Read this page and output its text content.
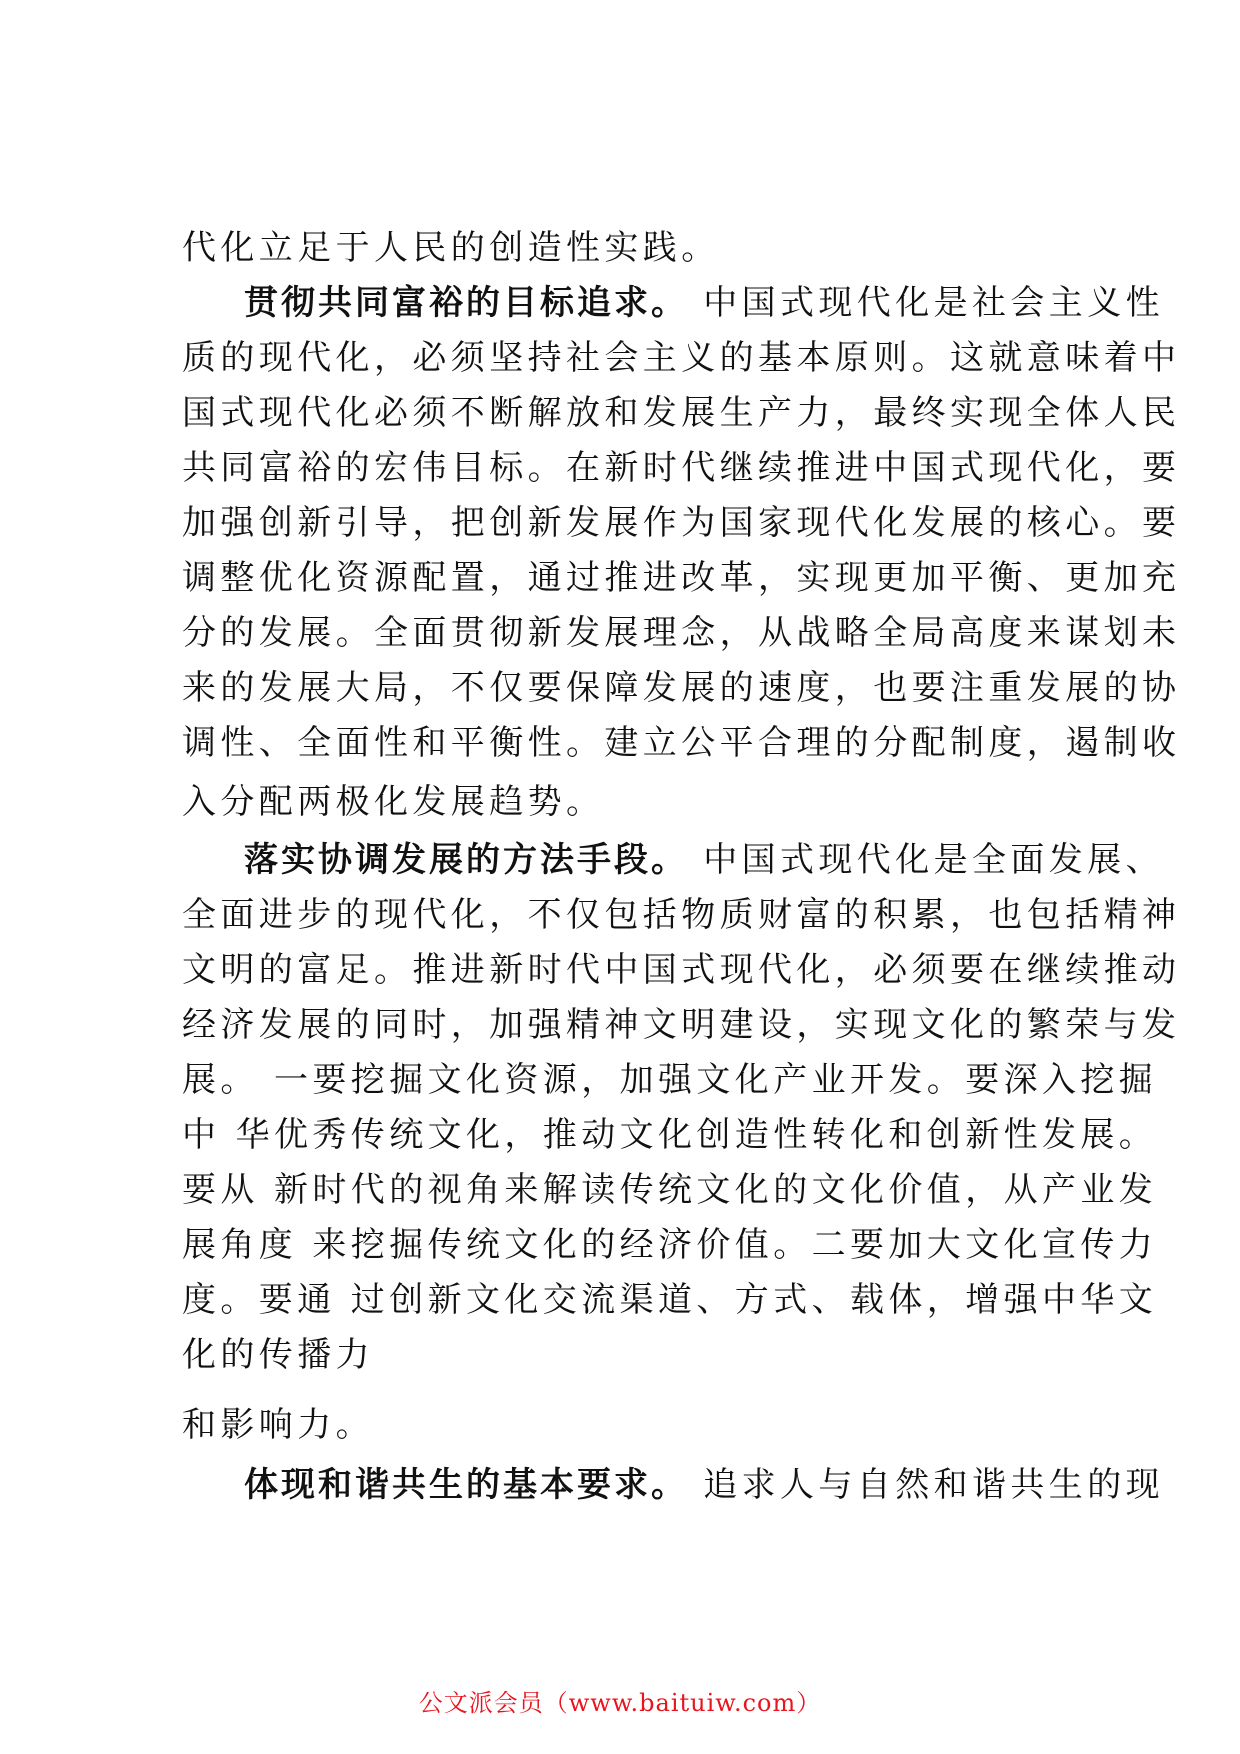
代化立足于人民的创造性实践。
贯彻共同富裕的目标追求。 中国式现代化是社会主义性
质的现代化，必须坚持社会主义的基本原则。这就意味着中
国式现代化必须不断解放和发展生产力，最终实现全体人民
共同富裕的宏伟目标。在新时代继续推进中国式现代化，要
加强创新引导，把创新发展作为国家现代化发展的核心。要
调整优化资源配置，通过推进改革，实现更加平衡、更加充
分的发展。全面贯彻新发展理念，从战略全局高度来谋划未
来的发展大局，不仅要保障发展的速度，也要注重发展的协
调性、全面性和平衡性。建立公平合理的分配制度，遏制收
入分配两极化发展趋势。
落实协调发展的方法手段。 中国式现代化是全面发展、
全面进步的现代化，不仅包括物质财富的积累，也包括精神
文明的富足。推进新时代中国式现代化，必须要在继续推动
经济发展的同时，加强精神文明建设，实现文化的繁荣与发
展。 一要挖掘文化资源，加强文化产业开发。要深入挖掘
中 华优秀传统文化，推动文化创造性转化和创新性发展。
要从 新时代的视角来解读传统文化的文化价值，从产业发
展角度 来挖掘传统文化的经济价值。二要加大文化宣传力
度。要通 过创新文化交流渠道、方式、载体，增强中华文
化的传播力
和影响力。
体现和谐共生的基本要求。 追求人与自然和谐共生的现
公文派会员（www.baituiw.com）
